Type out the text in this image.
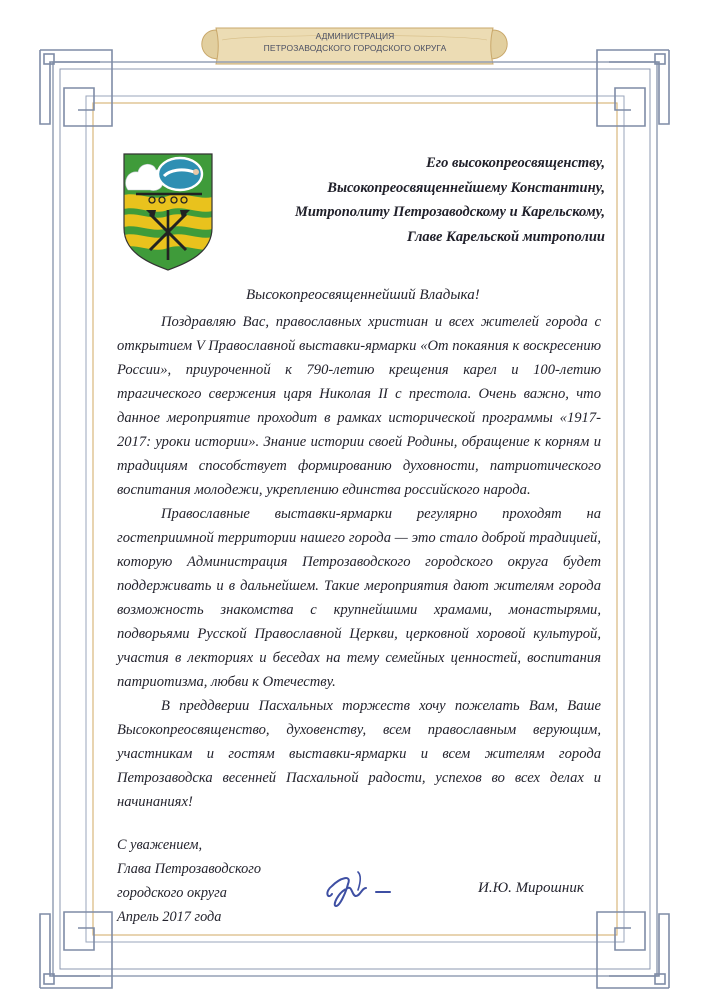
АДМИНИСТРАЦИЯ
ПЕТРОЗАВОДСКОГО ГОРОДСКОГО ОКРУГА
Его высокопреосвященству,
Высокопреосвященнейшему Константину,
Митрополиту Петрозаводскому и Карельскому,
Главе Карельской митрополии
Высокопреосвященнейший Владыка!

Поздравляю Вас, православных христиан и всех жителей города с открытием V Православной выставки-ярмарки «От покаяния к воскресению России», приуроченной к 790-летию крещения карел и 100-летию трагического свержения царя Николая II с престола. Очень важно, что данное мероприятие проходит в рамках исторической программы «1917-2017: уроки истории». Знание истории своей Родины, обращение к корням и традициям способствует формированию духовности, патриотического воспитания молодежи, укреплению единства российского народа.

Православные выставки-ярмарки регулярно проходят на гостеприимной территории нашего города — это стало доброй традицией, которую Администрация Петрозаводского городского округа будет поддерживать и в дальнейшем. Такие мероприятия дают жителям города возможность знакомства с крупнейшими храмами, монастырями, подворьями Русской Православной Церкви, церковной хоровой культурой, участия в лекториях и беседах на тему семейных ценностей, воспитания патриотизма, любви к Отечеству.

В преддверии Пасхальных торжеств хочу пожелать Вам, Ваше Высокопреосвященство, духовенству, всем православным верующим, участникам и гостям выставки-ярмарки и всем жителям города Петрозаводска весенней Пасхальной радости, успехов во всех делах и начинаниях!

С уважением,
Глава Петрозаводского
городского округа
Апрель 2017 года
И.Ю. Мирошник
